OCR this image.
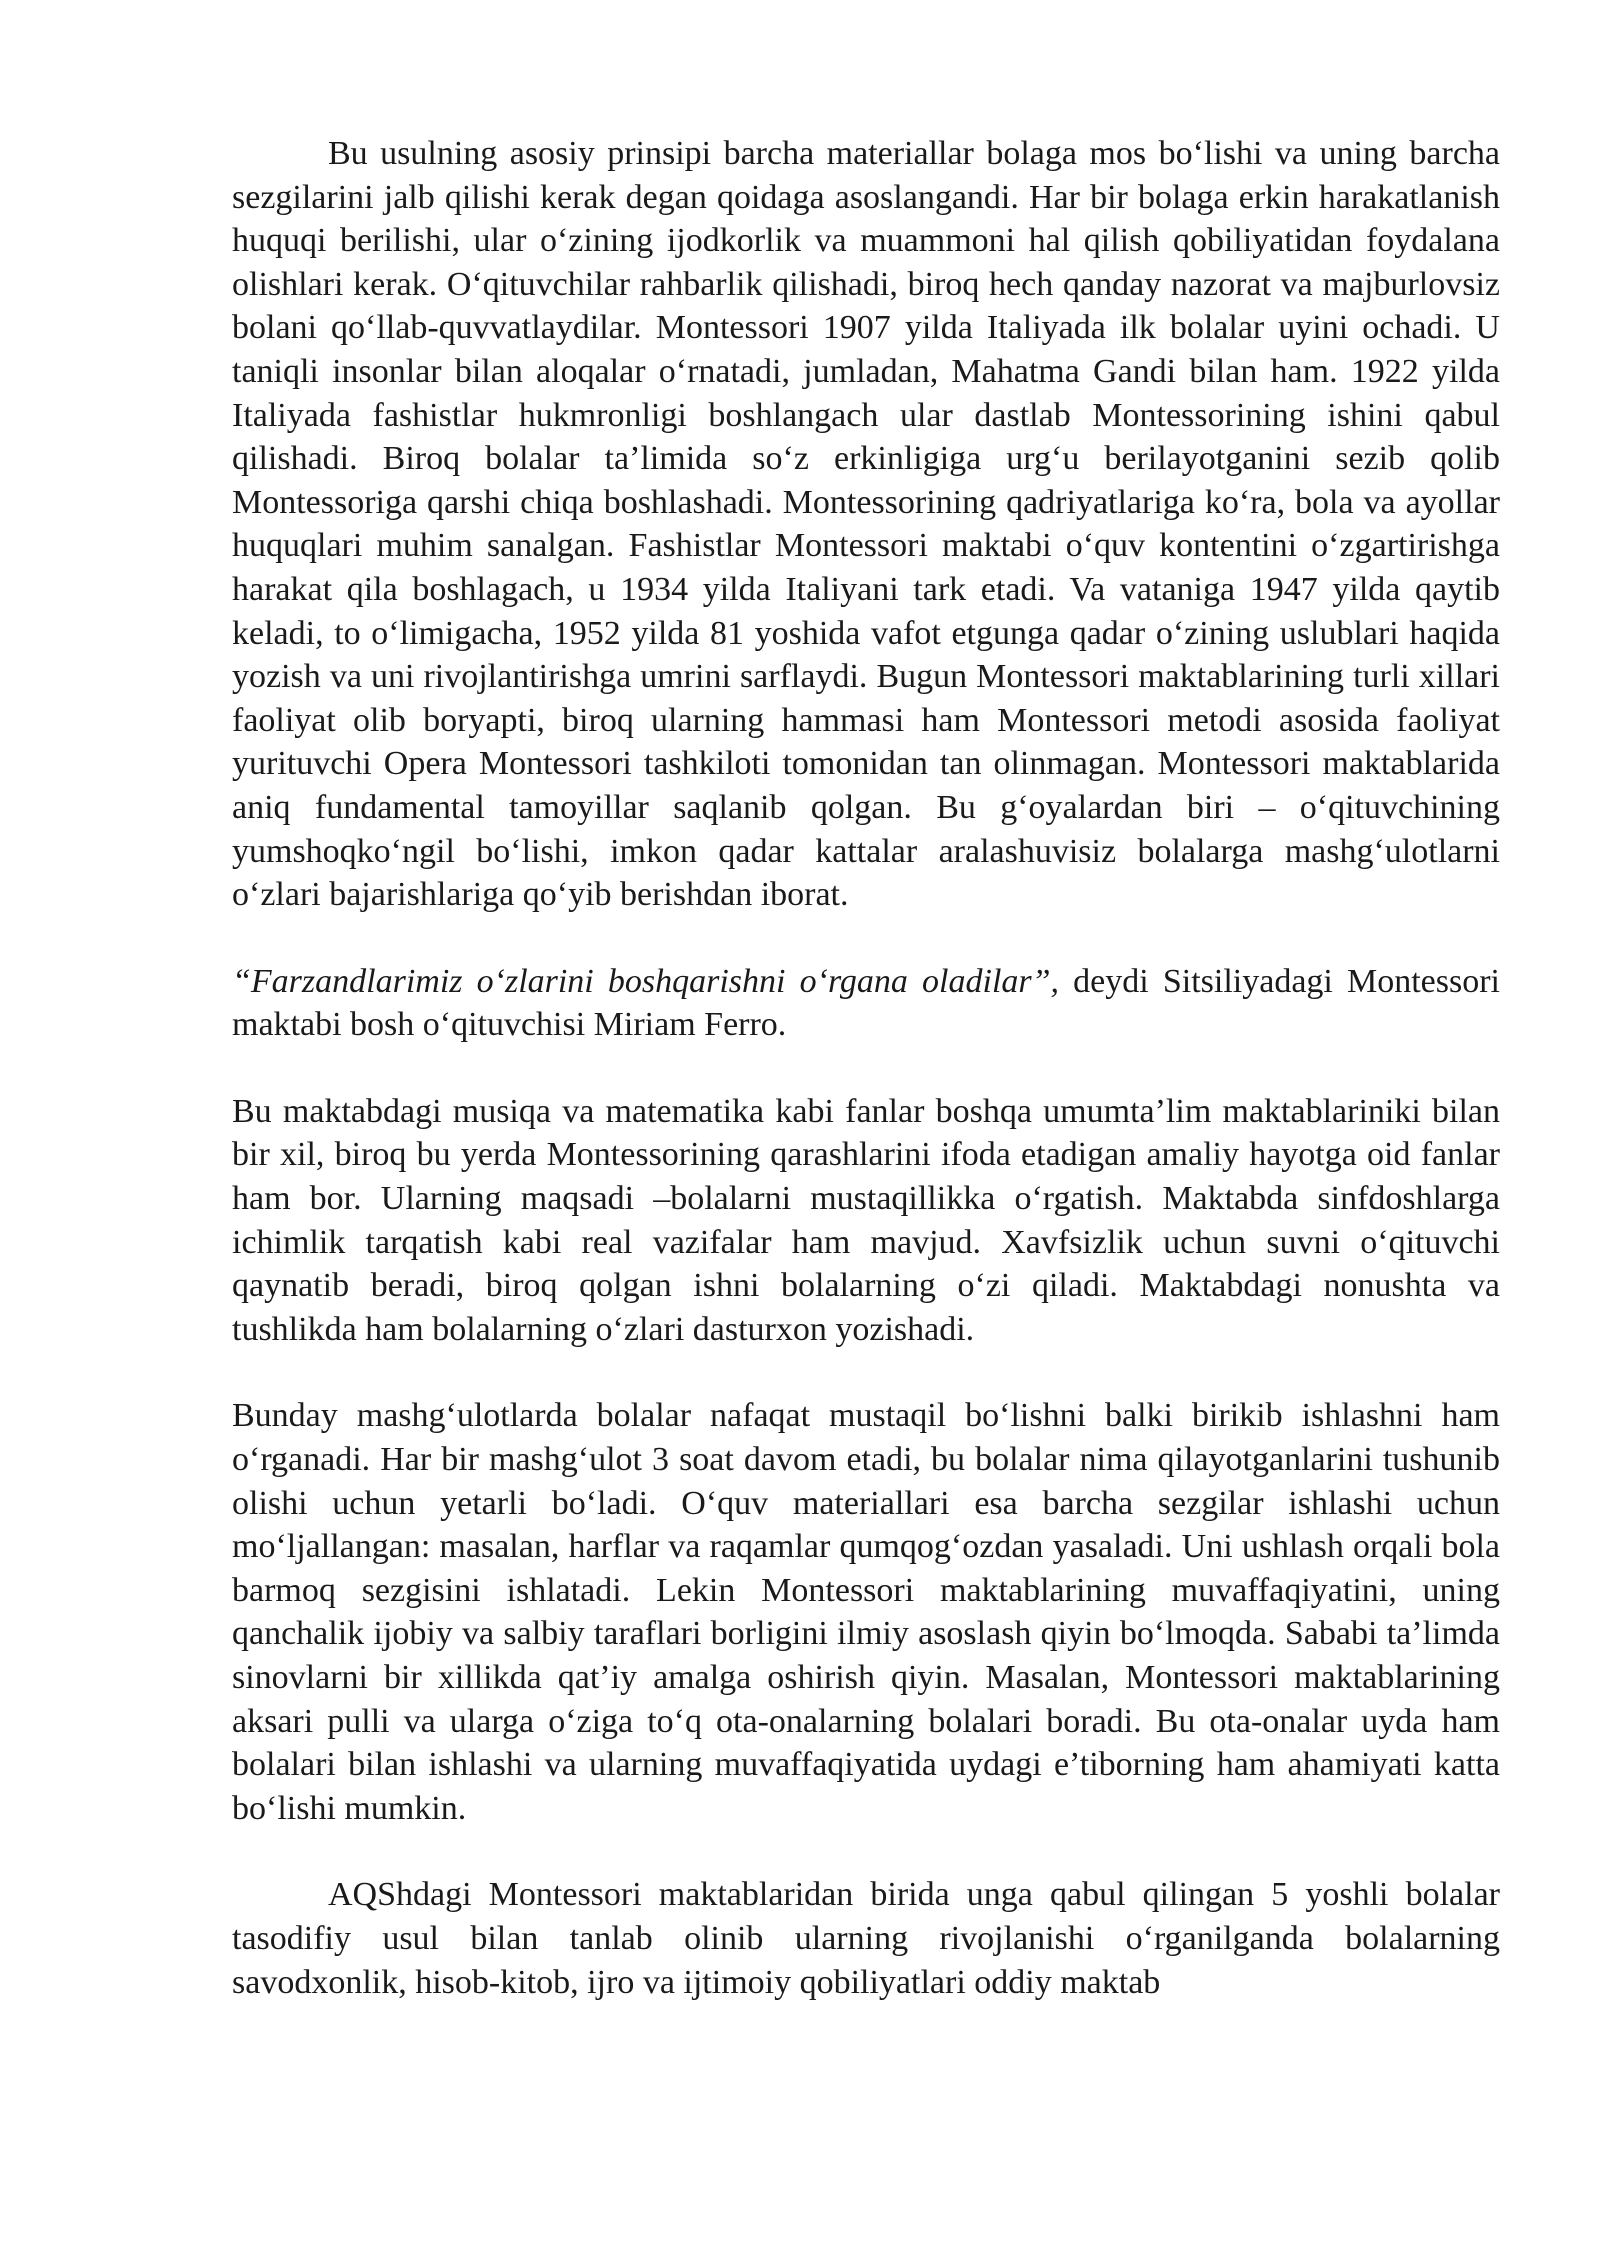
Bu usulning asosiy prinsipi barcha materiallar bolaga mos bo‘lishi va uning barcha sezgilarini jalb qilishi kerak degan qoidaga asoslangandi. Har bir bolaga erkin harakatlanish huquqi berilishi, ular o‘zining ijodkorlik va muammoni hal qilish qobiliyatidan foydalana olishlari kerak. O‘qituvchilar rahbarlik qilishadi, biroq hech qanday nazorat va majburlovsiz bolani qo‘llab-quvvatlaydilar. Montessori 1907 yilda Italiyada ilk bolalar uyini ochadi. U taniqli insonlar bilan aloqalar o‘rnatadi, jumladan, Mahatma Gandi bilan ham. 1922 yilda Italiyada fashistlar hukmronligi boshlangach ular dastlab Montessorining ishini qabul qilishadi. Biroq bolalar ta’limida so‘z erkinligiga urg‘u berilayotganini sezib qolib Montessoriga qarshi chiqa boshlashadi. Montessorining qadriyatlariga ko‘ra, bola va ayollar huquqlari muhim sanalgan. Fashistlar Montessori maktabi o‘quv kontentini o‘zgartirishga harakat qila boshlagach, u 1934 yilda Italiyani tark etadi. Va vataniga 1947 yilda qaytib keladi, to o‘limigacha, 1952 yilda 81 yoshida vafot etgunga qadar o‘zining uslublari haqida yozish va uni rivojlantirishga umrini sarflaydi. Bugun Montessori maktablarining turli xillari faoliyat olib boryapti, biroq ularning hammasi ham Montessori metodi asosida faoliyat yurituvchi Opera Montessori tashkiloti tomonidan tan olinmagan. Montessori maktablarida aniq fundamental tamoyillar saqlanib qolgan. Bu g‘oyalardan biri – o‘qituvchining yumshoqko‘ngil bo‘lishi, imkon qadar kattalar aralashuvisiz bolalarga mashg‘ulotlarni o‘zlari bajarishlariga qo‘yib berishdan iborat.

“Farzandlarimiz o‘zlarini boshqarishni o‘rgana oladilar”, deydi Sitsiliyadagi Montessori maktabi bosh o‘qituvchisi Miriam Ferro.

Bu maktabdagi musiqa va matematika kabi fanlar boshqa umumta’lim maktablariniki bilan bir xil, biroq bu yerda Montessorining qarashlarini ifoda etadigan amaliy hayotga oid fanlar ham bor. Ularning maqsadi –bolalarni mustaqillikka o‘rgatish. Maktabda sinfdoshlarga ichimlik tarqatish kabi real vazifalar ham mavjud. Xavfsizlik uchun suvni o‘qituvchi qaynatib beradi, biroq qolgan ishni bolalarning o‘zi qiladi. Maktabdagi nonushta va tushlikda ham bolalarning o‘zlari dasturxon yozishadi.

Bunday mashg‘ulotlarda bolalar nafaqat mustaqil bo‘lishni balki birikib ishlashni ham o‘rganadi. Har bir mashg‘ulot 3 soat davom etadi, bu bolalar nima qilayotganlarini tushunib olishi uchun yetarli bo‘ladi. O‘quv materiallari esa barcha sezgilar ishlashi uchun mo‘ljallangan: masalan, harflar va raqamlar qumqog‘ozdan yasaladi. Uni ushlash orqali bola barmoq sezgisini ishlatadi. Lekin Montessori maktablarining muvaffaqiyatini, uning qanchalik ijobiy va salbiy taraflari borligini ilmiy asoslash qiyin bo‘lmoqda. Sababi ta’limda sinovlarni bir xillikda qat’iy amalga oshirish qiyin. Masalan, Montessori maktablarining aksari pulli va ularga o‘ziga to‘q ota-onalarning bolalari boradi. Bu ota-onalar uyda ham bolalari bilan ishlashi va ularning muvaffaqiyatida uydagi e’tiborning ham ahamiyati katta bo‘lishi mumkin.

AQShdagi Montessori maktablaridan birida unga qabul qilingan 5 yoshli bolalar tasodifiy usul bilan tanlab olinib ularning rivojlanishi o‘rganilganda bolalarning savodxonlik, hisob-kitob, ijro va ijtimoiy qobiliyatlari oddiy maktab
